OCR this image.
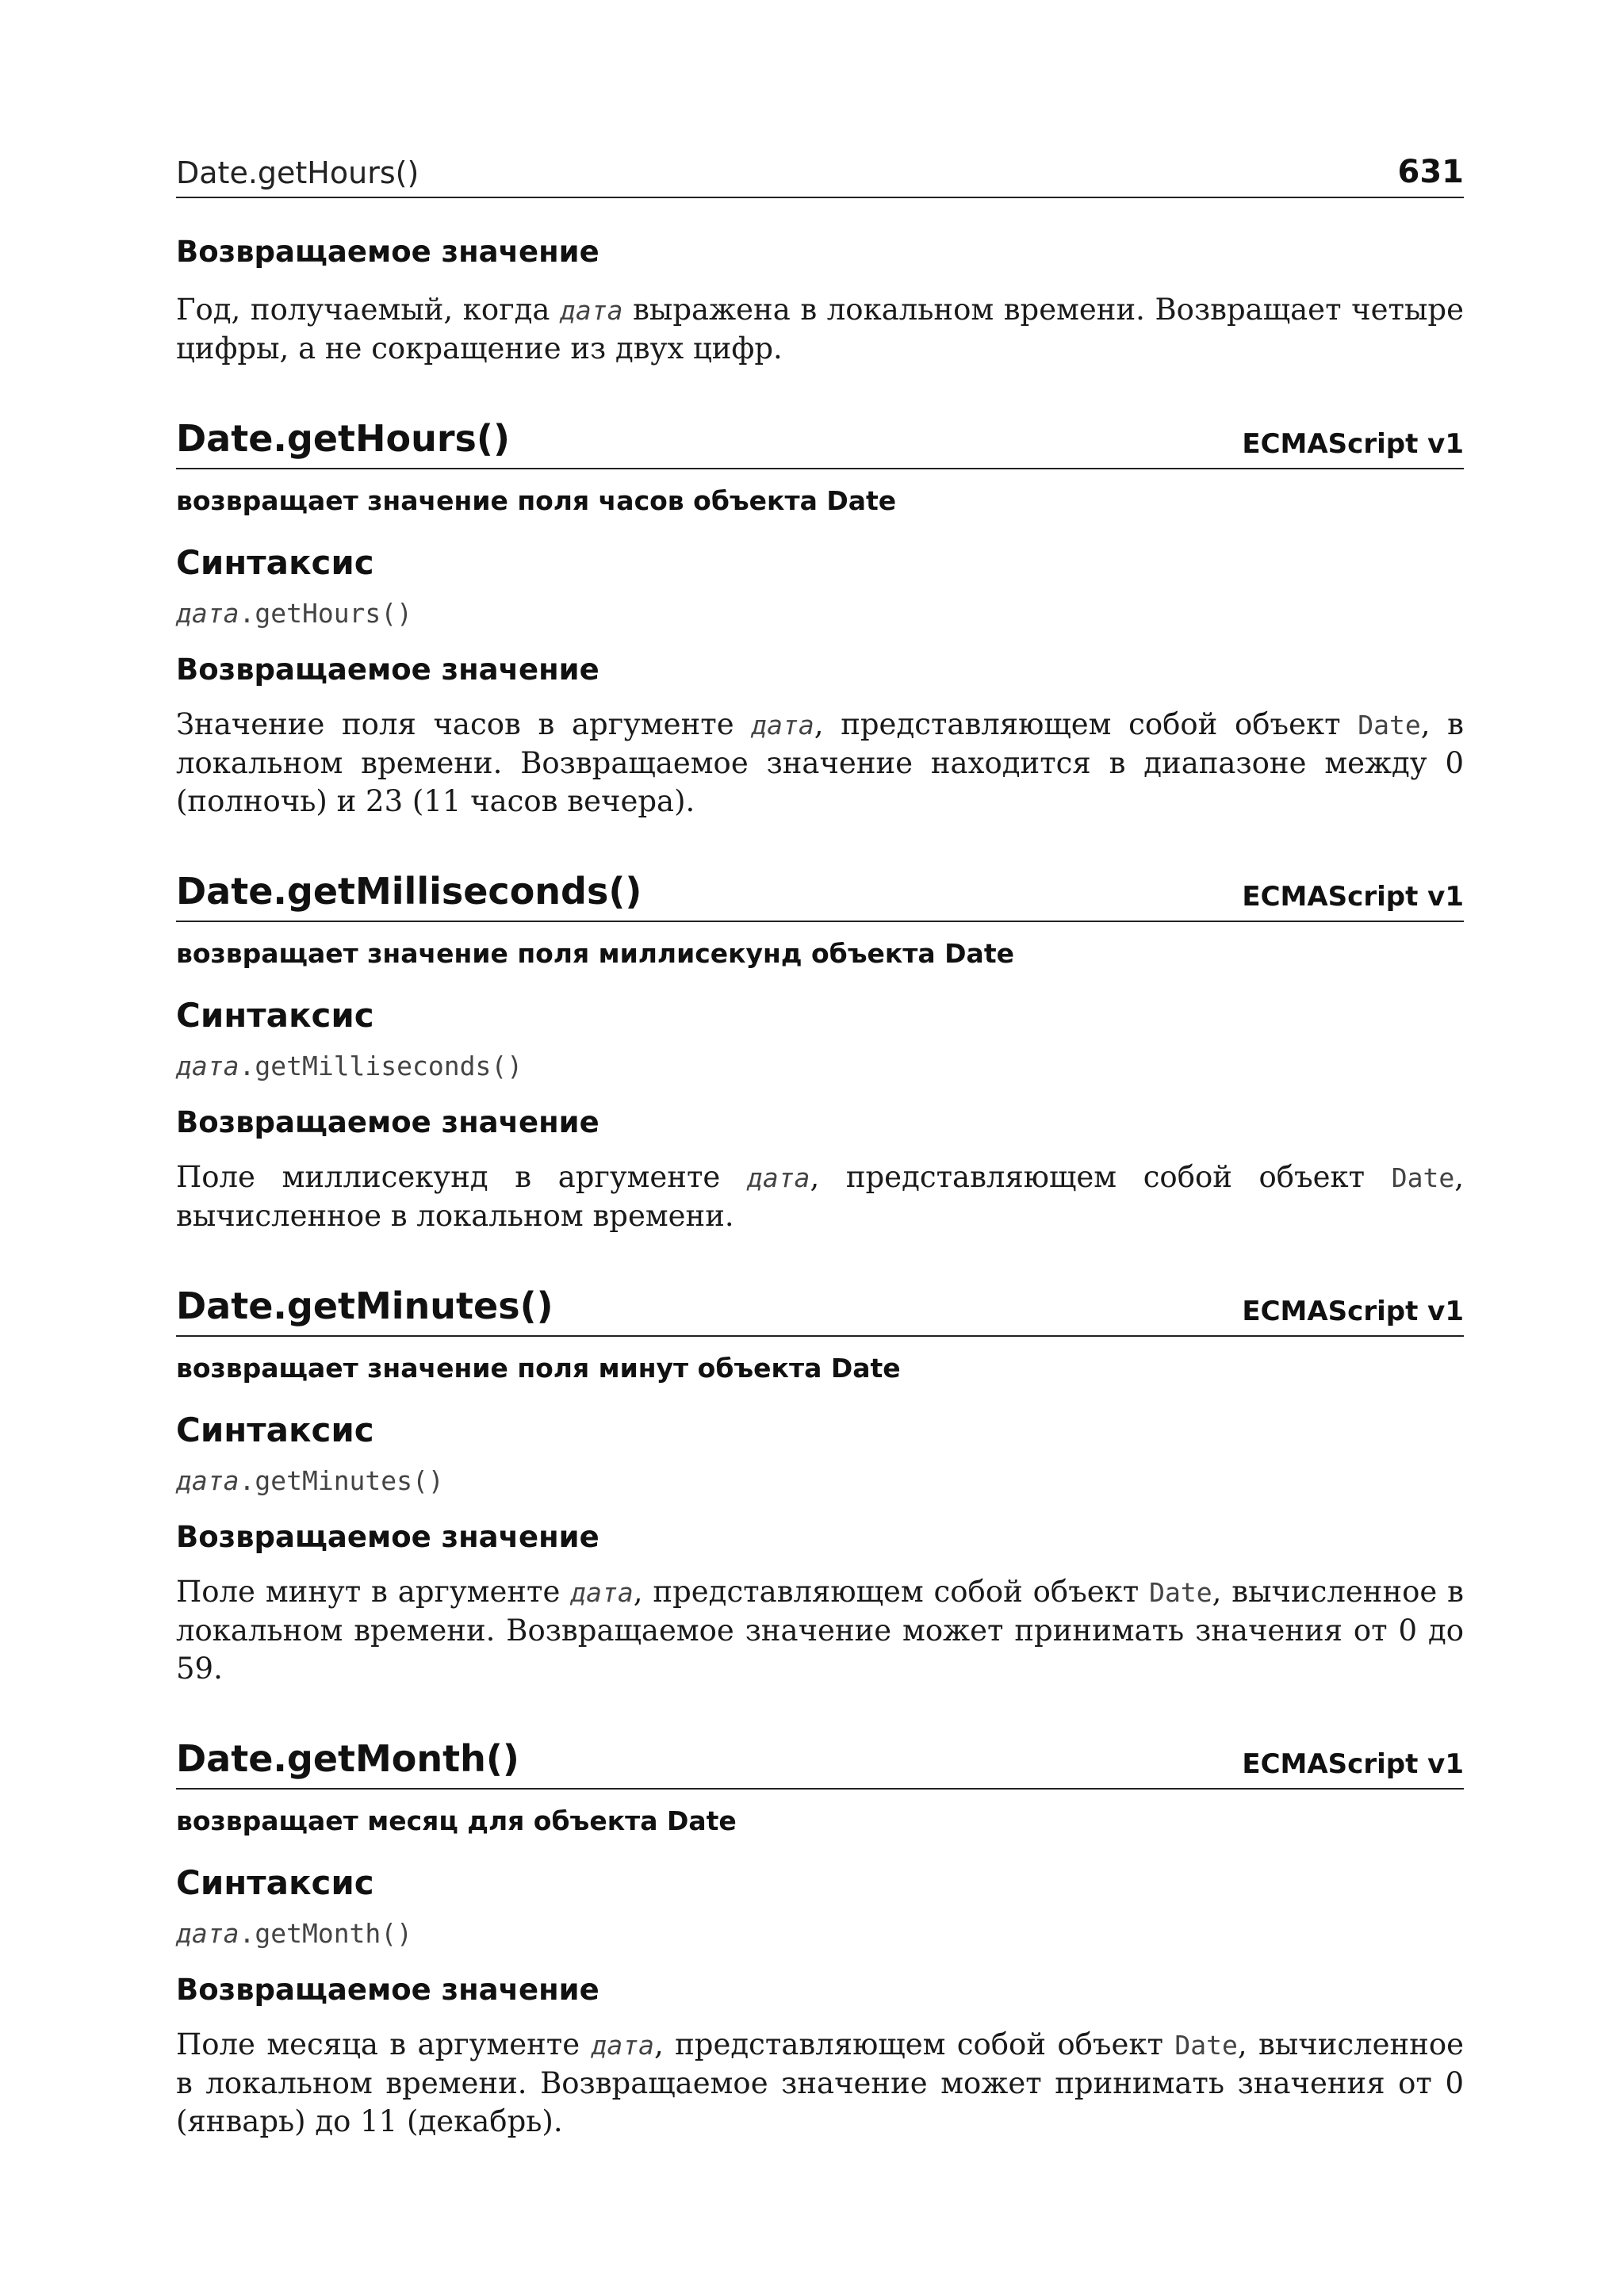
Date.getHours()	631
Возвращаемое значение

Год, получаемый, когда дата выражена в локальном времени. Возвращает четыре цифры, а не сокращение из двух цифр.

Date.getHours()	ECMAScript v1

возвращает значение поля часов объекта Date

Синтаксис

дата.getHours()

Возвращаемое значение

Значение поля часов в аргументе дата, представляющем собой объект Date, в локальном времени. Возвращаемое значение находится в диапазоне между 0 (полночь) и 23 (11 часов вечера).

Date.getMilliseconds()	ECMAScript v1

возвращает значение поля миллисекунд объекта Date

Синтаксис

дата.getMilliseconds()

Возвращаемое значение

Поле миллисекунд в аргументе дата, представляющем собой объект Date, вычисленное в локальном времени.

Date.getMinutes()	ECMAScript v1

возвращает значение поля минут объекта Date

Синтаксис

дата.getMinutes()

Возвращаемое значение

Поле минут в аргументе дата, представляющем собой объект Date, вычисленное в локальном времени. Возвращаемое значение может принимать значения от 0 до 59.

Date.getMonth()	ECMAScript v1

возвращает месяц для объекта Date

Синтаксис

дата.getMonth()

Возвращаемое значение

Поле месяца в аргументе дата, представляющем собой объект Date, вычисленное в локальном времени. Возвращаемое значение может принимать значения от 0 (январь) до 11 (декабрь).
